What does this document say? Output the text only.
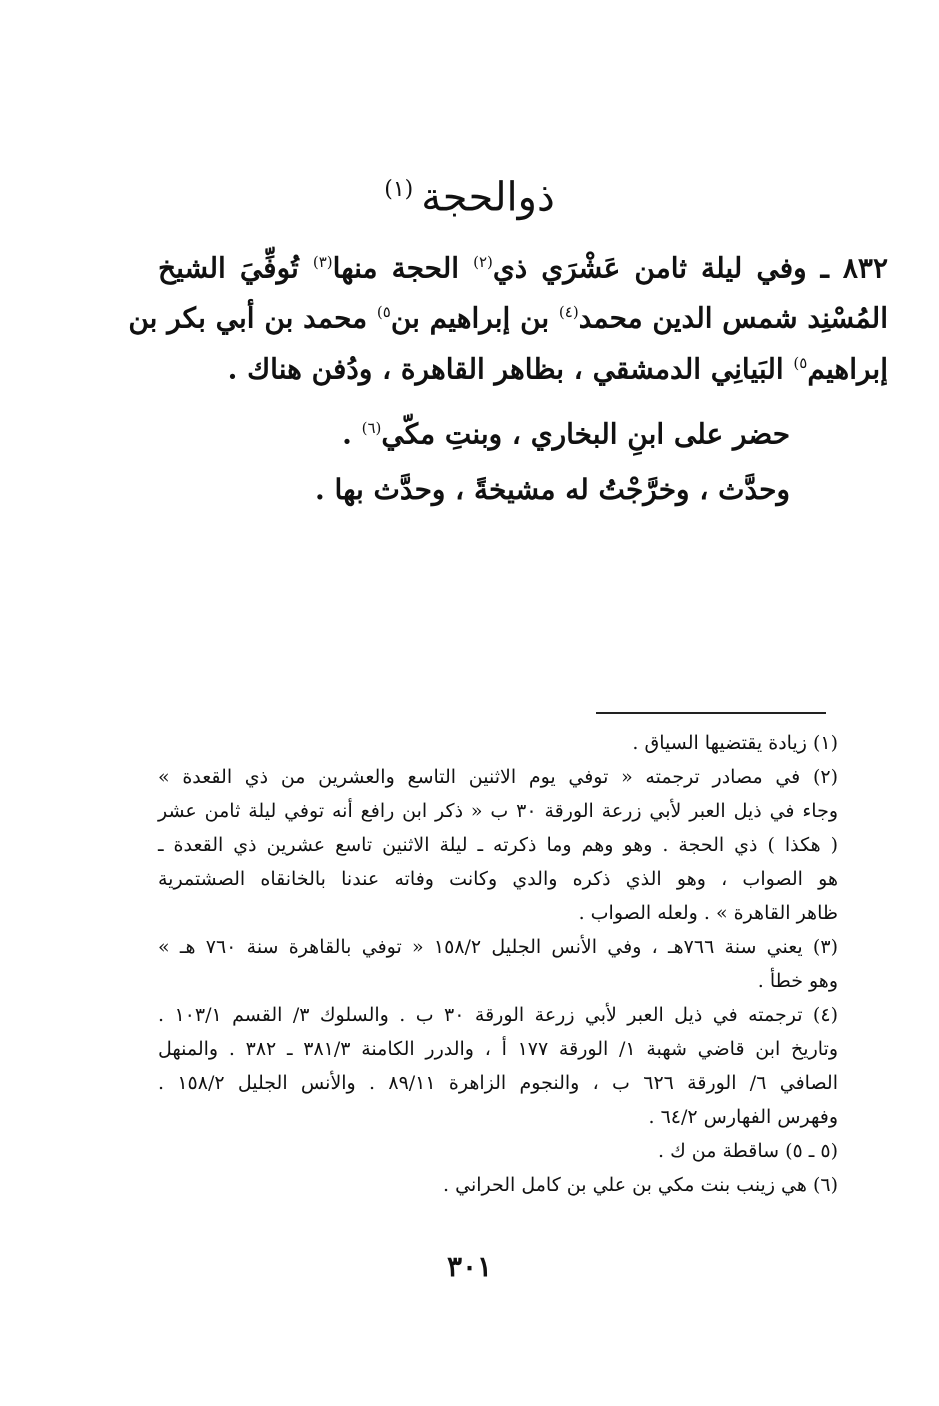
ذوالحجة$^{(١)}$
٨٣٢ ـ وفي ليلة ثامن عَشْرَي ذي$^{(٢)}$ الحجة منها$^{(٣)}$ تُوفِّيَ الشيخ
المُسْنِد شمس الدين محمد$^{(٤)}$ بن إبراهيم بن$^{٥)}$ محمد بن أبي بكر بن
إبراهيم$^{٥)}$ البَيانِي الدمشقي ، بظاهر القاهرة ، ودُفن هناك .
حضر على ابنِ البخاري ، وبنتِ مكّي$^{(٦)}$ .
وحدَّث ، وخرَّجْتُ له مشيخةً ، وحدَّث بها .
(١) زيادة يقتضيها السياق .
(٢) في مصادر ترجمته « توفي يوم الاثنين التاسع والعشرين من ذي القعدة »
وجاء في ذيل العبر لأبي زرعة الورقة ٣٠ ب « ذكر ابن رافع أنه توفي ليلة ثامن عشر
( هكذا ) ذي الحجة . وهو وهم وما ذكرته ـ ليلة الاثنين تاسع عشرين ذي القعدة ـ
هو الصواب ، وهو الذي ذكره والدي وكانت وفاته عندنا بالخانقاه الصشتمرية
ظاهر القاهرة » . ولعله الصواب .
(٣) يعني سنة ٧٦٦هـ ، وفي الأنس الجليل ١٥٨/٢ « توفي بالقاهرة سنة ٧٦٠ هـ »
وهو خطأ .
(٤) ترجمته في ذيل العبر لأبي زرعة الورقة ٣٠ ب . والسلوك ٣/ القسم ١٠٣/١ .
وتاريخ ابن قاضي شهبة ١/ الورقة ١٧٧ أ ، والدرر الكامنة ٣٨١/٣ ـ ٣٨٢ . والمنهل
الصافي ٦/ الورقة ٦٢٦ ب ، والنجوم الزاهرة ٨٩/١١ . والأنس الجليل ١٥٨/٢ .
وفهرس الفهارس ٦٤/٢ .
(٥ ـ ٥) ساقطة من ك .
(٦) هي زينب بنت مكي بن علي بن كامل الحراني .
٣٠١
